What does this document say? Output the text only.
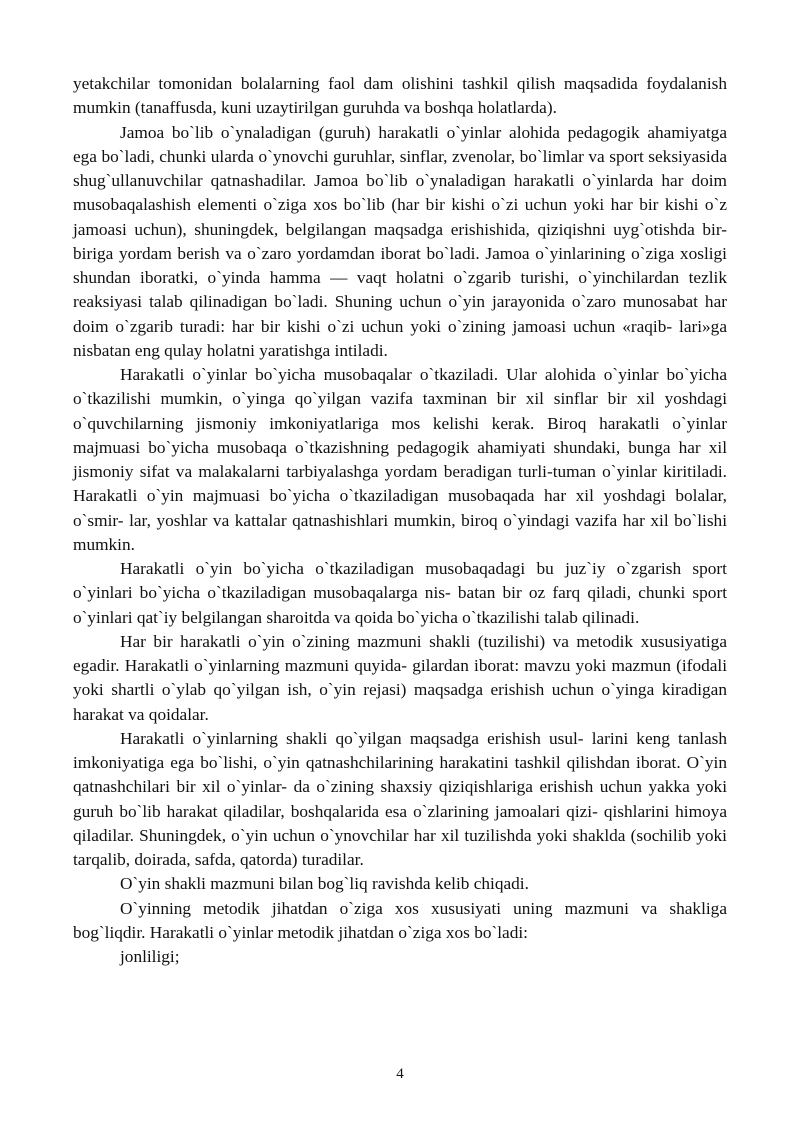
yetakchilar tomonidan bolalarning faol dam olishini tashkil qilish maqsadida foydalanish mumkin (tanaffusda, kuni uzaytirilgan guruhda va boshqa holatlarda).

Jamoa bo`lib o`ynaladigan (guruh) harakatli o`yinlar alohida pedagogik ahamiyatga ega bo`ladi, chunki ularda o`ynovchi guruhlar, sinflar, zvenolar, bo`limlar va sport seksiyasida shug`ullanuvchilar qatnashadilar. Jamoa bo`lib o`ynaladigan harakatli o`yinlarda har doim musobaqalashish elementi o`ziga xos bo`lib (har bir kishi o`zi uchun yoki har bir kishi o`z jamoasi uchun), shuningdek, belgilangan maqsadga erishishida, qiziqishni uyg`otishda bir-biriga yordam berish va o`zaro yordamdan iborat bo`ladi. Jamoa o`yinlarining o`ziga xosligi shundan iboratki, o`yinda hamma — vaqt holatni o`zgarib turishi, o`yinchilardan tezlik reaksiyasi talab qilinadigan bo`ladi. Shuning uchun o`yin jarayonida o`zaro munosabat har doim o`zgarib turadi: har bir kishi o`zi uchun yoki o`zining jamoasi uchun «raqib- lari»ga nisbatan eng qulay holatni yaratishga intiladi.

Harakatli o`yinlar bo`yicha musobaqalar o`tkaziladi. Ular alohida o`yinlar bo`yicha o`tkazilishi mumkin, o`yinga qo`yilgan vazifa taxminan bir xil sinflar bir xil yoshdagi o`quvchilarning jismoniy imkoniyatlariga mos kelishi kerak. Biroq harakatli o`yinlar majmuasi bo`yicha musobaqa o`tkazishning pedagogik ahamiyati shundaki, bunga har xil jismoniy sifat va malakalarni tarbiyalashga yordam beradigan turli-tuman o`yinlar kiritiladi. Harakatli o`yin majmuasi bo`yicha o`tkaziladigan musobaqada har xil yoshdagi bolalar, o`smir- lar, yoshlar va kattalar qatnashishlari mumkin, biroq o`yindagi vazifa har xil bo`lishi mumkin.

Harakatli o`yin bo`yicha o`tkaziladigan musobaqadagi bu juz`iy o`zgarish sport o`yinlari bo`yicha o`tkaziladigan musobaqalarga nis- batan bir oz farq qiladi, chunki sport o`yinlari qat`iy belgilangan sharoitda va qoida bo`yicha o`tkazilishi talab qilinadi.

Har bir harakatli o`yin o`zining mazmuni shakli (tuzilishi) va metodik xususiyatiga egadir. Harakatli o`yinlarning mazmuni quyida- gilardan iborat: mavzu yoki mazmun (ifodali yoki shartli o`ylab qo`yilgan ish, o`yin rejasi) maqsadga erishish uchun o`yinga kiradigan harakat va qoidalar.

Harakatli o`yinlarning shakli qo`yilgan maqsadga erishish usul- larini keng tanlash imkoniyatiga ega bo`lishi, o`yin qatnashchilarining harakatini tashkil qilishdan iborat. O`yin qatnashchilari bir xil o`yinlar- da o`zining shaxsiy qiziqishlariga erishish uchun yakka yoki guruh bo`lib harakat qiladilar, boshqalarida esa o`zlarining jamoalari qizi- qishlarini himoya qiladilar. Shuningdek, o`yin uchun o`ynovchilar har xil tuzilishda yoki shaklda (sochilib yoki tarqalib, doirada, safda, qatorda) turadilar.

O`yin shakli mazmuni bilan bog`liq ravishda kelib chiqadi.

O`yinning metodik jihatdan o`ziga xos xususiyati uning mazmuni va shakliga bog`liqdir. Harakatli o`yinlar metodik jihatdan o`ziga xos bo`ladi:

jonliligi;

4
